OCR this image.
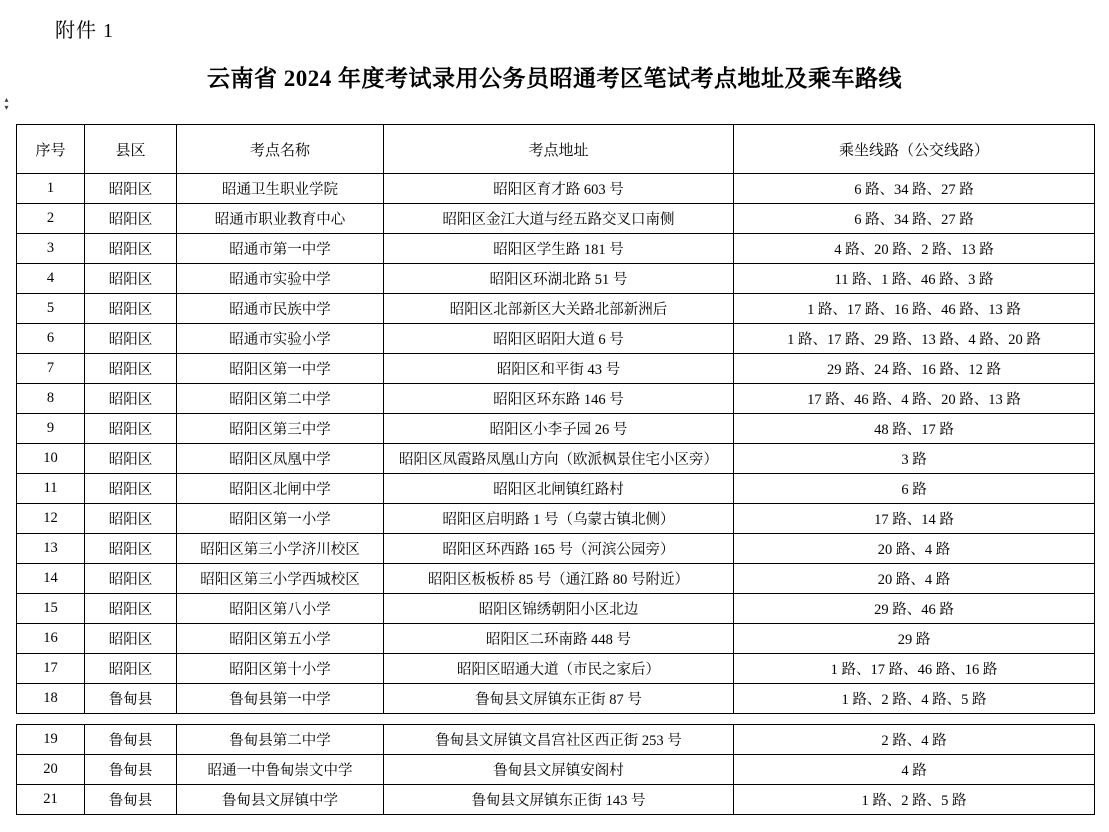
▴
▾
附件 1
云南省 2024 年度考试录用公务员昭通考区笔试考点地址及乘车路线
序号	县区	考点名称	考点地址	乘坐线路（公交线路）
1	昭阳区	昭通卫生职业学院	昭阳区育才路 603 号	6 路、34 路、27 路
2	昭阳区	昭通市职业教育中心	昭阳区金江大道与经五路交叉口南侧	6 路、34 路、27 路
3	昭阳区	昭通市第一中学	昭阳区学生路 181 号	4 路、20 路、2 路、13 路
4	昭阳区	昭通市实验中学	昭阳区环湖北路 51 号	11 路、1 路、46 路、3 路
5	昭阳区	昭通市民族中学	昭阳区北部新区大关路北部新洲后	1 路、17 路、16 路、46 路、13 路
6	昭阳区	昭通市实验小学	昭阳区昭阳大道 6 号	1 路、17 路、29 路、13 路、4 路、20 路
7	昭阳区	昭阳区第一中学	昭阳区和平街 43 号	29 路、24 路、16 路、12 路
8	昭阳区	昭阳区第二中学	昭阳区环东路 146 号	17 路、46 路、4 路、20 路、13 路
9	昭阳区	昭阳区第三中学	昭阳区小李子园 26 号	48 路、17 路
10	昭阳区	昭阳区凤凰中学	昭阳区凤霞路凤凰山方向（欧派枫景住宅小区旁）	3 路
11	昭阳区	昭阳区北闸中学	昭阳区北闸镇红路村	6 路
12	昭阳区	昭阳区第一小学	昭阳区启明路 1 号（乌蒙古镇北侧）	17 路、14 路
13	昭阳区	昭阳区第三小学济川校区	昭阳区环西路 165 号（河滨公园旁）	20 路、4 路
14	昭阳区	昭阳区第三小学西城校区	昭阳区板板桥 85 号（通江路 80 号附近）	20 路、4 路
15	昭阳区	昭阳区第八小学	昭阳区锦绣朝阳小区北边	29 路、46 路
16	昭阳区	昭阳区第五小学	昭阳区二环南路 448 号	29 路
17	昭阳区	昭阳区第十小学	昭阳区昭通大道（市民之家后）	1 路、17 路、46 路、16 路
18	鲁甸县	鲁甸县第一中学	鲁甸县文屏镇东正街 87 号	1 路、2 路、4 路、5 路
19	鲁甸县	鲁甸县第二中学	鲁甸县文屏镇文昌宫社区西正街 253 号	2 路、4 路
20	鲁甸县	昭通一中鲁甸崇文中学	鲁甸县文屏镇安阁村	4 路
21	鲁甸县	鲁甸县文屏镇中学	鲁甸县文屏镇东正街 143 号	1 路、2 路、5 路
